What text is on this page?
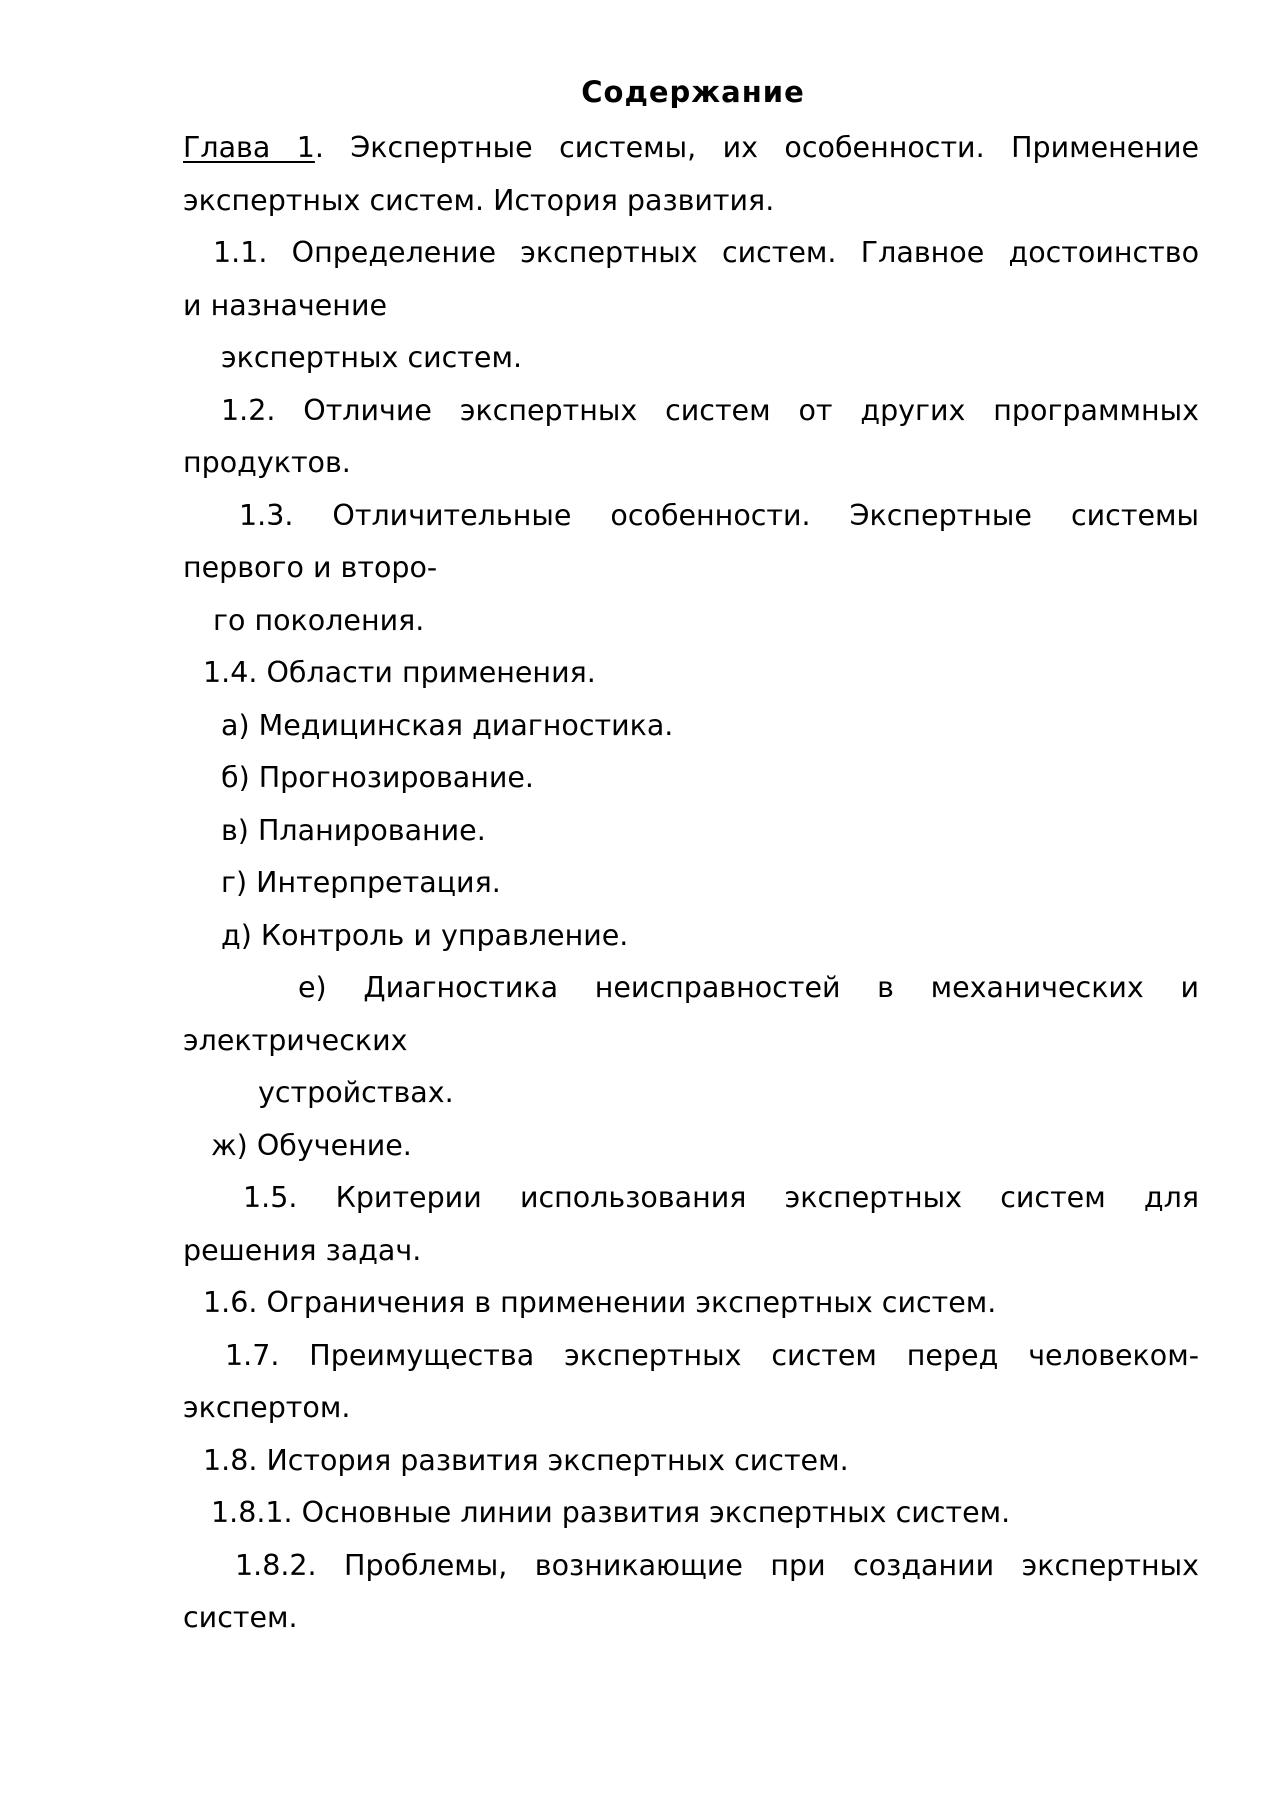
Содержание
Глава 1. Экспертные системы, их особенности. Применение
экспертных систем. История развития.
1.1. Определение экспертных систем. Главное достоинство
и назначение
экспертных систем.
1.2. Отличие экспертных систем от других программных
продуктов.
1.3. Отличительные особенности. Экспертные системы
первого и второ-
го поколения.
1.4. Области применения.
а) Медицинская диагностика.
б) Прогнозирование.
в) Планирование.
г) Интерпретация.
д) Контроль и управление.
е) Диагностика неисправностей в механических и
электрических
устройствах.
ж) Обучение.
1.5. Критерии использования экспертных систем для
решения задач.
1.6. Ограничения в применении экспертных систем.
1.7. Преимущества экспертных систем перед человеком-
экспертом.
1.8. История развития экспертных систем.
1.8.1. Основные линии развития экспертных систем.
1.8.2. Проблемы, возникающие при создании экспертных
систем.
